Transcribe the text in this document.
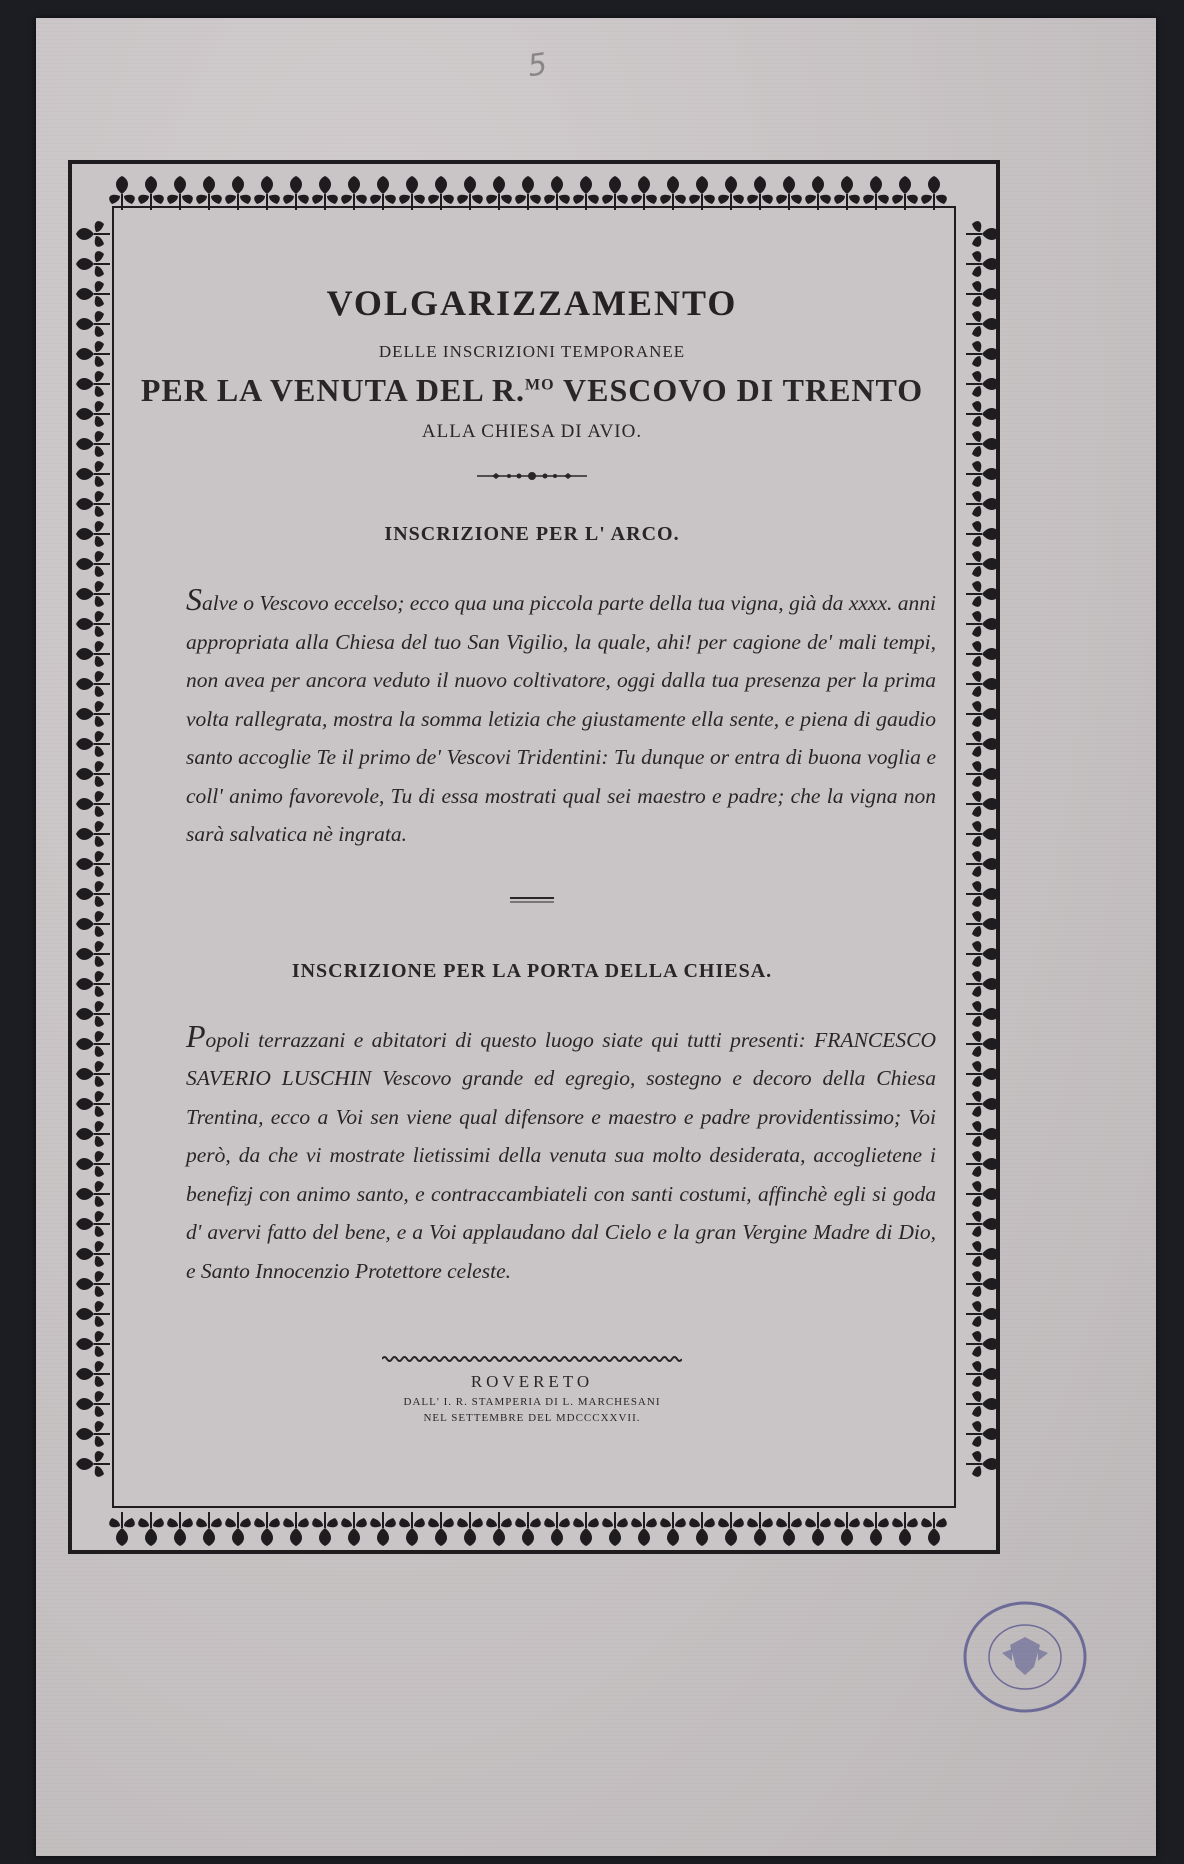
5
VOLGARIZZAMENTO
DELLE INSCRIZIONI TEMPORANEE
PER LA VENUTA DEL R.$^{MO}$ VESCOVO DI TRENTO
ALLA CHIESA DI AVIO.
INSCRIZIONE PER L' ARCO.
Salve o Vescovo eccelso; ecco qua una piccola parte della tua vigna, già da xxxx. anni appropriata alla Chiesa del tuo San Vigilio, la quale, ahi! per cagione de' mali tempi, non avea per ancora veduto il nuovo coltivatore, oggi dalla tua presenza per la prima volta rallegrata, mostra la somma letizia che giustamente ella sente, e piena di gaudio santo accoglie Te il primo de' Vescovi Tridentini: Tu dunque or entra di buona voglia e coll' animo favorevole, Tu di essa mostrati qual sei maestro e padre; che la vigna non sarà salvatica nè ingrata.
INSCRIZIONE PER LA PORTA DELLA CHIESA.
Popoli terrazzani e abitatori di questo luogo siate qui tutti presenti: FRANCESCO SAVERIO LUSCHIN Vescovo grande ed egregio, sostegno e decoro della Chiesa Trentina, ecco a Voi sen viene qual difensore e maestro e padre providentissimo; Voi però, da che vi mostrate lietissimi della venuta sua molto desiderata, accoglietene i benefizj con animo santo, e contraccambiateli con santi costumi, affinchè egli si goda d' avervi fatto del bene, e a Voi applaudano dal Cielo e la gran Vergine Madre di Dio, e Santo Innocenzio Protettore celeste.
ROVERETO
DALL' I. R. STAMPERIA DI L. MARCHESANI
NEL SETTEMBRE DEL MDCCCXXVII.
